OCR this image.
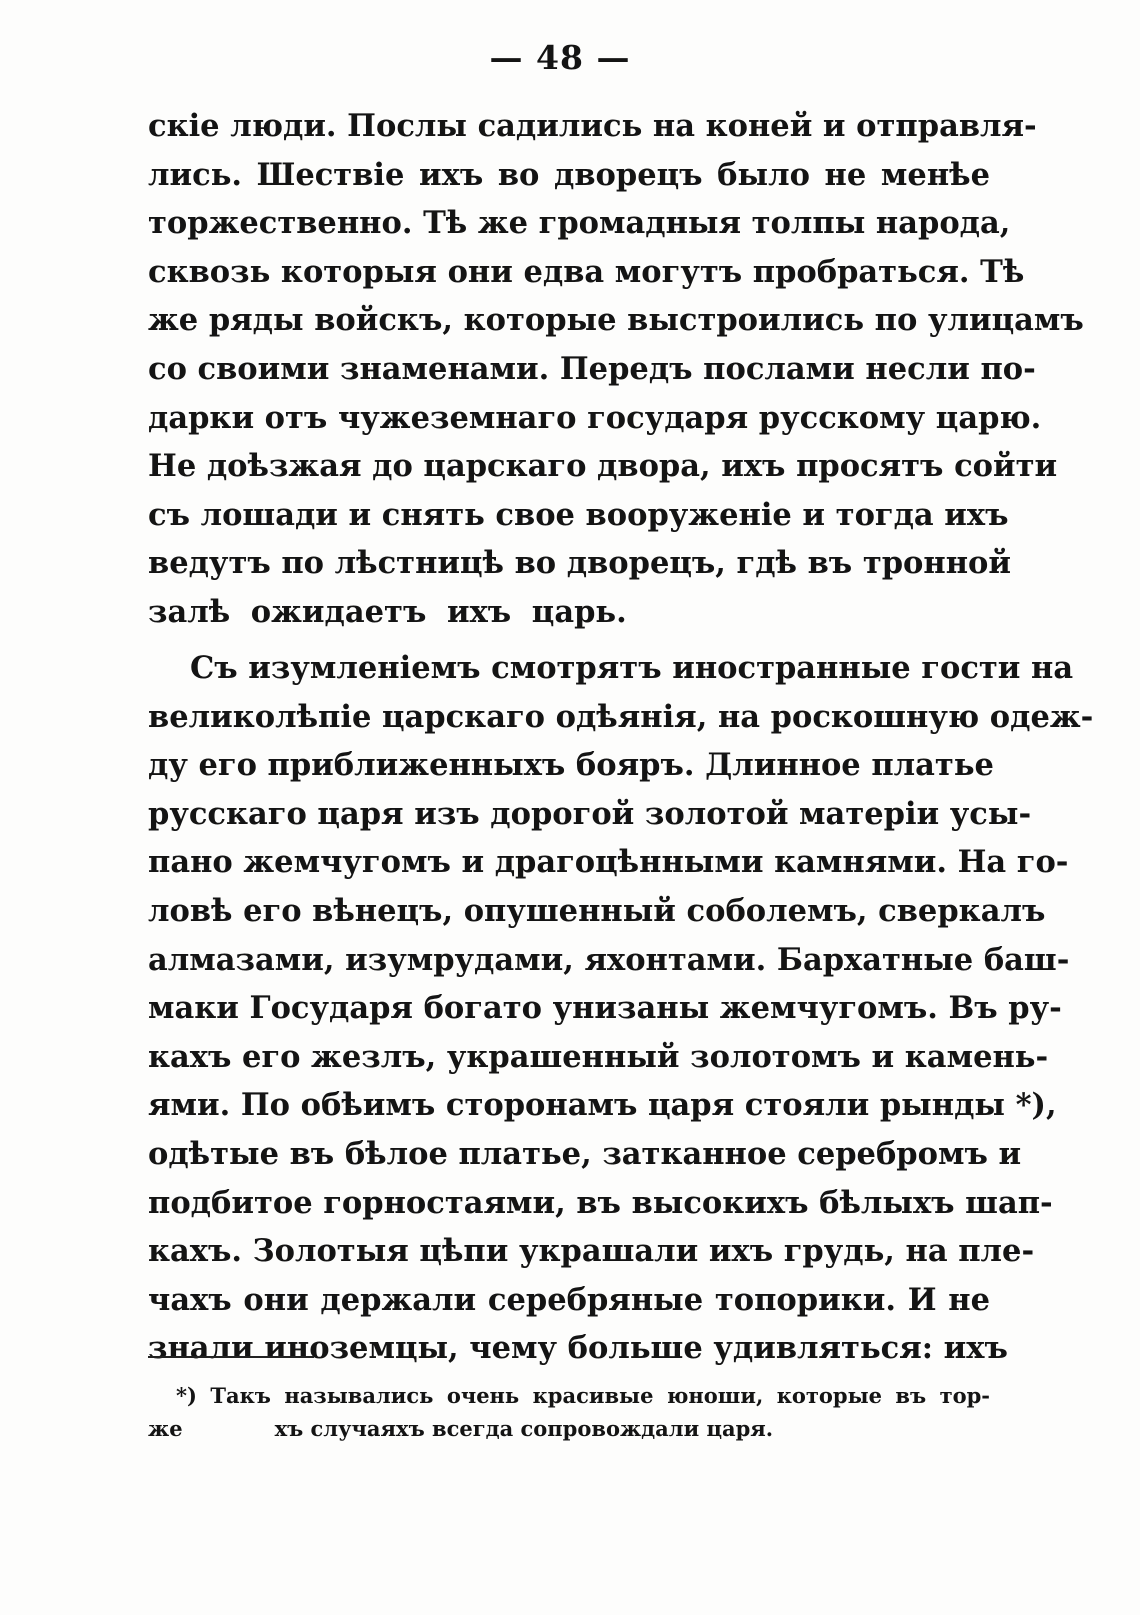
— 48 —

скіе люди. Послы садились на коней и отправля-
лись. Шествіе ихъ во дворецъ было не менѣе
торжественно. Тѣ же громадныя толпы народа,
сквозь которыя они едва могутъ пробраться. Тѣ
же ряды войскъ, которые выстроились по улицамъ
со своими знаменами. Передъ послами несли по-
дарки отъ чужеземнаго государя русскому царю.
Не доѣзжая до царскаго двора, ихъ просятъ сойти
съ лошади и снять свое вооруженіе и тогда ихъ
ведутъ по лѣстницѣ во дворецъ, гдѣ въ тронной
залѣ ожидаетъ ихъ царь.

Съ изумленіемъ смотрятъ иностранные гости на
великолѣпіе царскаго одѣянія, на роскошную одеж-
ду его приближенныхъ бояръ. Длинное платье
русскаго царя изъ дорогой золотой матеріи усы-
пано жемчугомъ и драгоцѣнными камнями. На го-
ловѣ его вѣнецъ, опушенный соболемъ, сверкалъ
алмазами, изумрудами, яхонтами. Бархатные баш-
маки Государя богато унизаны жемчугомъ. Въ ру-
кахъ его жезлъ, украшенный золотомъ и камень-
ями. По обѣимъ сторонамъ царя стояли рынды *),
одѣтые въ бѣлое платье, затканное серебромъ и
подбитое горностаями, въ высокихъ бѣлыхъ шап-
кахъ. Золотыя цѣпи украшали ихъ грудь, на пле-
чахъ они держали серебряные топорики. И не
знали иноземцы, чему больше удивляться: ихъ

*) Такъ назывались очень красивые юноши, которые въ тор-
же	хъ случаяхъ всегда сопровождали царя.
